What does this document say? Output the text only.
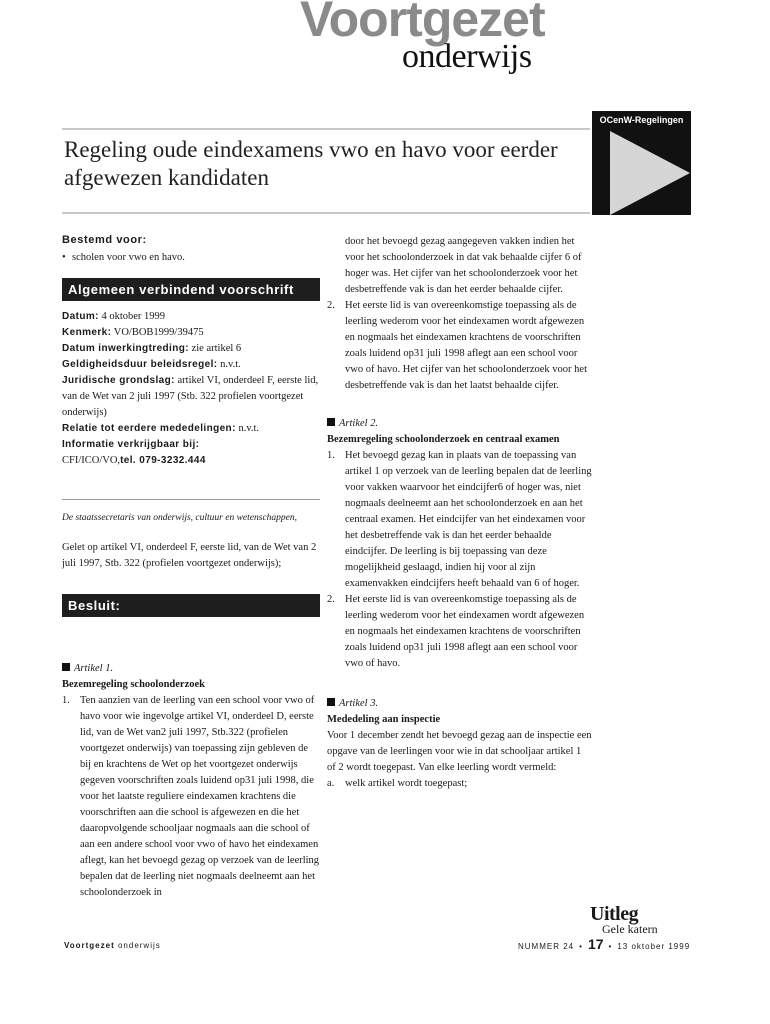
Voortgezet
onderwijs
OCenW-Regelingen
Regeling oude eindexamens vwo en havo voor eerder afgewezen kandidaten
Bestemd voor:
• scholen voor vwo en havo.
Algemeen verbindend voorschrift
Datum: 4 oktober 1999
Kenmerk: VO/BOB1999/39475
Datum inwerkingtreding: zie artikel 6
Geldigheidsduur beleidsregel: n.v.t.
Juridische grondslag: artikel VI, onderdeel F, eerste lid, van de Wet van 2 juli 1997 (Stb. 322 profielen voortgezet onderwijs)
Relatie tot eerdere mededelingen: n.v.t.
Informatie verkrijgbaar bij:
CFI/ICO/VO,tel. 079-3232.444
De staatssecretaris van onderwijs, cultuur en wetenschappen,
Gelet op artikel VI, onderdeel F, eerste lid, van de Wet van 2 juli 1997, Stb. 322 (profielen voortgezet onderwijs);
Besluit:
Artikel 1.
Bezemregeling schoolonderzoek
1. Ten aanzien van de leerling van een school voor vwo of havo voor wie ingevolge artikel VI, onderdeel D, eerste lid, van de Wet van2 juli 1997, Stb.322 (profielen voortgezet onderwijs) van toepassing zijn gebleven de bij en krachtens de Wet op het voortgezet onderwijs gegeven voorschriften zoals luidend op31 juli 1998, die voor het laatste reguliere eindexamen krachtens die voorschriften aan die school is afgewezen en die het daaropvolgende schooljaar nogmaals aan die school of aan een andere school voor vwo of havo het eindexamen aflegt, kan het bevoegd gezag op verzoek van de leerling bepalen dat de leerling niet nogmaals deelneemt aan het schoolonderzoek in
door het bevoegd gezag aangegeven vakken indien het voor het schoolonderzoek in dat vak behaalde cijfer 6 of hoger was. Het cijfer van het schoolonderzoek voor het desbetreffende vak is dan het eerder behaalde cijfer.
2. Het eerste lid is van overeenkomstige toepassing als de leerling wederom voor het eindexamen wordt afgewezen en nogmaals het eindexamen krachtens de voorschriften zoals luidend op31 juli 1998 aflegt aan een school voor vwo of havo. Het cijfer van het schoolonderzoek voor het desbetreffende vak is dan het laatst behaalde cijfer.
Artikel 2.
Bezemregeling schoolonderzoek en centraal examen
1. Het bevoegd gezag kan in plaats van de toepassing van artikel 1 op verzoek van de leerling bepalen dat de leerling voor vakken waarvoor het eindcijfer6 of hoger was, niet nogmaals deelneemt aan het schoolonderzoek en aan het centraal examen. Het eindcijfer van het eindexamen voor het desbetreffende vak is dan het eerder behaalde eindcijfer. De leerling is bij toepassing van deze mogelijkheid geslaagd, indien hij voor al zijn examenvakken eindcijfers heeft behaald van 6 of hoger.
2. Het eerste lid is van overeenkomstige toepassing als de leerling wederom voor het eindexamen wordt afgewezen en nogmaals het eindexamen krachtens de voorschriften zoals luidend op31 juli 1998 aflegt aan een school voor vwo of havo.
Artikel 3.
Mededeling aan inspectie
Voor 1 december zendt het bevoegd gezag aan de inspectie een opgave van de leerlingen voor wie in dat schooljaar artikel 1 of 2 wordt toegepast. Van elke leerling wordt vermeld:
a.	welk artikel wordt toegepast;
Uitleg
Gele katern
Voortgezet onderwijs	NUMMER 24 • 17 • 13 oktober 1999
